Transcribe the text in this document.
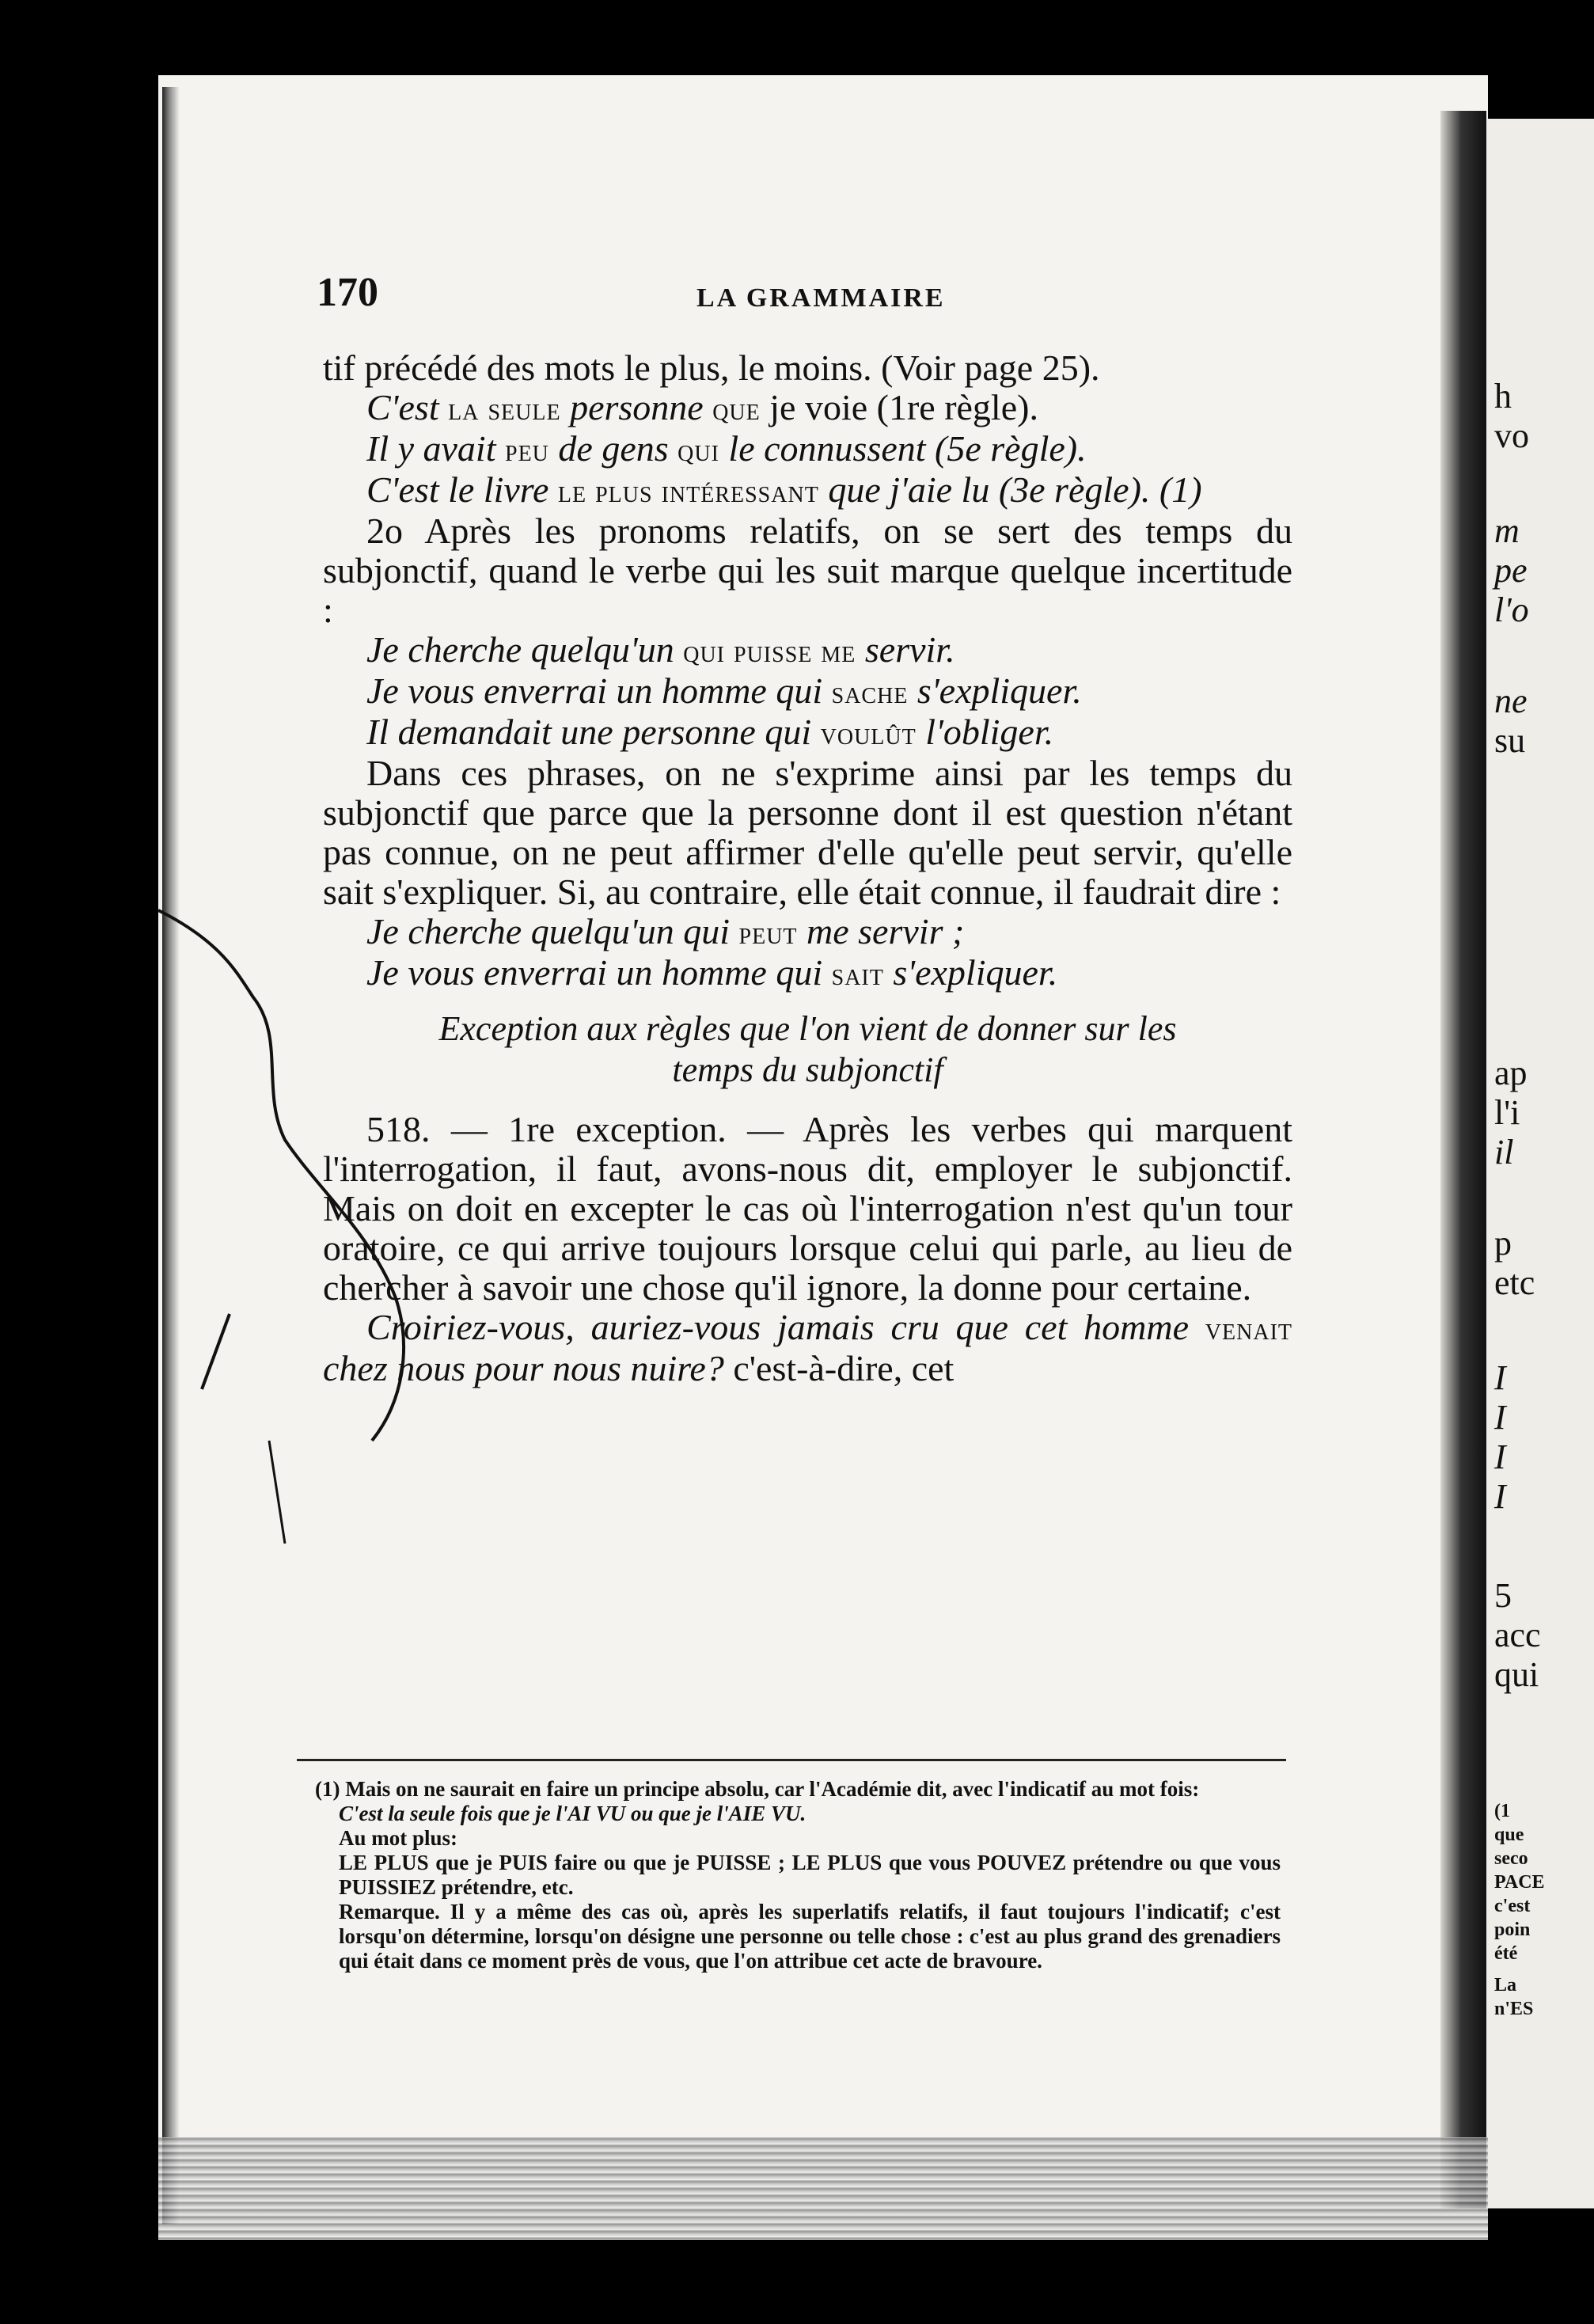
h
vo
m
pe
l'o
ne
su
ap
l'i
il
p
etc
I
I
I
I
5
acc
qui
(1
que
seco
PACE
c'est
poin
été
La
n'ES
170	LA GRAMMAIRE

tif précédé des mots le plus, le moins. (Voir page 25).

C'est la seule personne que je voie (1re règle).

Il y avait peu de gens qui le connussent (5e règle).

C'est le livre le plus intéressant que j'aie lu (3e règle). (1)

2o Après les pronoms relatifs, on se sert des temps du subjonctif, quand le verbe qui les suit marque quelque incertitude :

Je cherche quelqu'un qui puisse me servir.

Je vous enverrai un homme qui sache s'expliquer.

Il demandait une personne qui voulût l'obliger.

Dans ces phrases, on ne s'exprime ainsi par les temps du subjonctif que parce que la personne dont il est question n'étant pas connue, on ne peut affirmer d'elle qu'elle peut servir, qu'elle sait s'expliquer. Si, au contraire, elle était connue, il faudrait dire :

Je cherche quelqu'un qui peut me servir ;

Je vous enverrai un homme qui sait s'expliquer.

Exception aux règles que l'on vient de donner sur les
temps du subjonctif

518. — 1re exception. — Après les verbes qui marquent l'interrogation, il faut, avons-nous dit, employer le subjonctif. Mais on doit en excepter le cas où l'interrogation n'est qu'un tour oratoire, ce qui arrive toujours lorsque celui qui parle, au lieu de chercher à savoir une chose qu'il ignore, la donne pour certaine.

Croiriez-vous, auriez-vous jamais cru que cet homme venait chez nous pour nous nuire? c'est-à-dire, cet

(1) Mais on ne saurait en faire un principe absolu, car l'Académie dit, avec l'indicatif au mot fois:

C'est la seule fois que je l'AI VU ou que je l'AIE VU.

Au mot plus:

LE PLUS que je PUIS faire ou que je PUISSE ; LE PLUS que vous POUVEZ prétendre ou que vous PUISSIEZ prétendre, etc.

Remarque. Il y a même des cas où, après les superlatifs relatifs, il faut toujours l'indicatif; c'est lorsqu'on détermine, lorsqu'on désigne une personne ou telle chose : c'est au plus grand des grenadiers qui était dans ce moment près de vous, que l'on attribue cet acte de bravoure.
